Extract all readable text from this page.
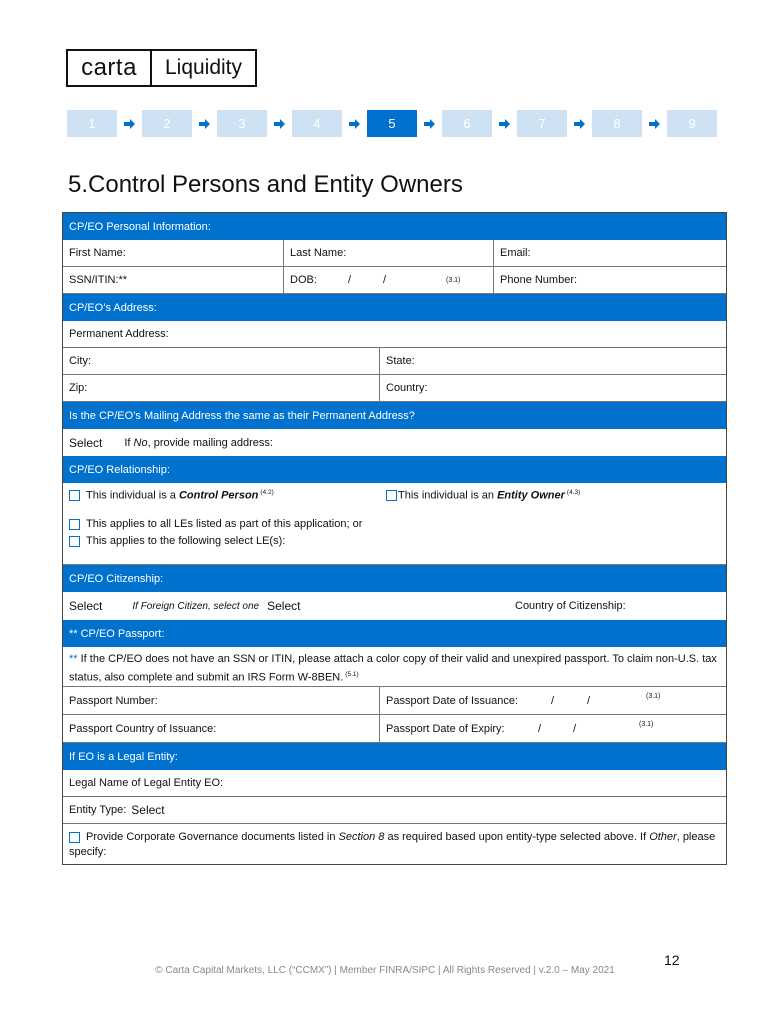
carta	Liquidity
1	2	3	4	5	6	7	8	9
5.Control Persons and Entity Owners
CP/EO Personal Information:
First Name:	Last Name:	Email:
SSN/ITIN:**	DOB:	/	/	(3.1)	Phone Number:
CP/EO’s Address:
Permanent Address:
City:	State:
Zip:	Country:
Is the CP/EO’s Mailing Address the same as their Permanent Address?
Select If No, provide mailing address:
CP/EO Relationship:
This individual is a Control Person $^{(4.2)}$	This individual is an Entity Owner $^{(4.3)}$
This applies to all LEs listed as part of this application; or
This applies to the following select LE(s):
CP/EO Citizenship:
Select	If Foreign Citizen, select one Select	Country of Citizenship:
** CP/EO Passport:
** If the CP/EO does not have an SSN or ITIN, please attach a color copy of their valid and unexpired passport. To claim non-U.S. tax status, also complete and submit an IRS Form W-8BEN. $^{(5.1)}$
Passport Number:	Passport Date of Issuance:	/	/	(3.1)
Passport Country of Issuance:	Passport Date of Expiry:	/	/	(3.1)
If EO is a Legal Entity:
Legal Name of Legal Entity EO:
Entity Type: Select
Provide Corporate Governance documents listed in Section 8 as required based upon entity-type selected above. If Other, please specify:
12
© Carta Capital Markets, LLC (“CCMX”) | Member FINRA/SIPC | All Rights Reserved | v.2.0 – May 2021
